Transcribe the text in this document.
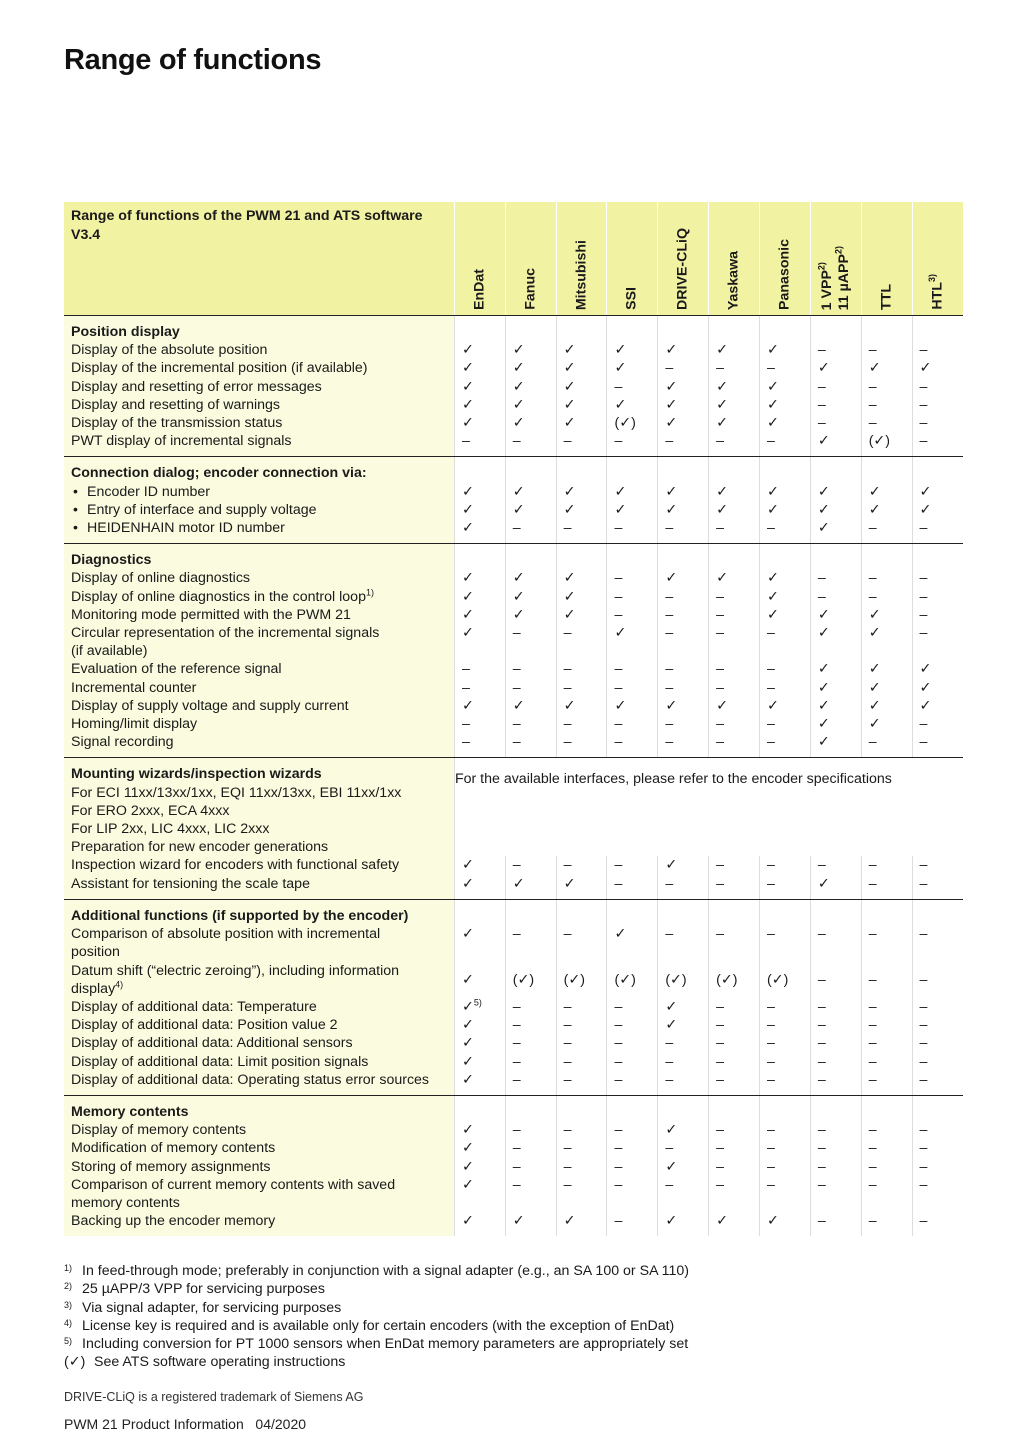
Range of functions
Range of functions of the PWM 21 and ATS software V3.4	EnDat	Fanuc	Mitsubishi	SSI	DRIVE-CLiQ	Yaskawa	Panasonic	1 VPP$^{2)}$ 11 µAPP$^{2)}$	TTL	HTL$^{3)}$

Position display										
Display of the absolute position	✓	✓	✓	✓	✓	✓	✓	–	–	–
Display of the incremental position (if available)	✓	✓	✓	✓	–	–	–	✓	✓	✓
Display and resetting of error messages	✓	✓	✓	–	✓	✓	✓	–	–	–
Display and resetting of warnings	✓	✓	✓	✓	✓	✓	✓	–	–	–
Display of the transmission status	✓	✓	✓	(✓)	✓	✓	✓	–	–	–
PWT display of incremental signals	–	–	–	–	–	–	–	✓	(✓)	–
Connection dialog; encoder connection via:										
• Encoder ID number	✓	✓	✓	✓	✓	✓	✓	✓	✓	✓
• Entry of interface and supply voltage	✓	✓	✓	✓	✓	✓	✓	✓	✓	✓
• HEIDENHAIN motor ID number	✓	–	–	–	–	–	–	✓	–	–
Diagnostics										
Display of online diagnostics	✓	✓	✓	–	✓	✓	✓	–	–	–
Display of online diagnostics in the control loop$^{1)}$	✓	✓	✓	–	–	–	✓	–	–	–
Monitoring mode permitted with the PWM 21	✓	✓	✓	–	–	–	✓	✓	✓	–
Circular representation of the incremental signals
(if available)	✓	–	–	✓	–	–	–	✓	✓	–
Evaluation of the reference signal	–	–	–	–	–	–	–	✓	✓	✓
Incremental counter	–	–	–	–	–	–	–	✓	✓	✓
Display of supply voltage and supply current	✓	✓	✓	✓	✓	✓	✓	✓	✓	✓
Homing/limit display	–	–	–	–	–	–	–	✓	✓	–
Signal recording	–	–	–	–	–	–	–	✓	–	–
Mounting wizards/inspection wizards	For the available interfaces, please refer to the encoder specifications									

For ECI 11xx/13xx/1xx, EQI 11xx/13xx, EBI 11xx/1xx										
For ERO 2xxx, ECA 4xxx										
For LIP 2xx, LIC 4xxx, LIC 2xxx										
Preparation for new encoder generations										
Inspection wizard for encoders with functional safety	✓	–	–	–	✓	–	–	–	–	–
Assistant for tensioning the scale tape	✓	✓	✓	–	–	–	–	✓	–	–
Additional functions (if supported by the encoder)										
Comparison of absolute position with incremental
position	✓	–	–	✓	–	–	–	–	–	–
Datum shift (“electric zeroing”), including information
display$^{4)}$	✓	(✓)	(✓)	(✓)	(✓)	(✓)	(✓)	–	–	–
Display of additional data: Temperature	✓$^{5)}$	–	–	–	✓	–	–	–	–	–
Display of additional data: Position value 2	✓	–	–	–	✓	–	–	–	–	–
Display of additional data: Additional sensors	✓	–	–	–	–	–	–	–	–	–
Display of additional data: Limit position signals	✓	–	–	–	–	–	–	–	–	–
Display of additional data: Operating status error sources	✓	–	–	–	–	–	–	–	–	–
Memory contents										
Display of memory contents	✓	–	–	–	✓	–	–	–	–	–
Modification of memory contents	✓	–	–	–	–	–	–	–	–	–
Storing of memory assignments	✓	–	–	–	✓	–	–	–	–	–
Comparison of current memory contents with saved
memory contents	✓	–	–	–	–	–	–	–	–	–
Backing up the encoder memory	✓	✓	✓	–	✓	✓	✓	–	–	–
1) In feed-through mode; preferably in conjunction with a signal adapter (e.g., an SA 100 or SA 110)
2) 25 µAPP/3 VPP for servicing purposes
3) Via signal adapter, for servicing purposes
4) License key is required and is available only for certain encoders (with the exception of EnDat)
5) Including conversion for PT 1000 sensors when EnDat memory parameters are appropriately set
(✓) See ATS software operating instructions
DRIVE-CLiQ is a registered trademark of Siemens AG
PWM 21 Product Information   04/2020
